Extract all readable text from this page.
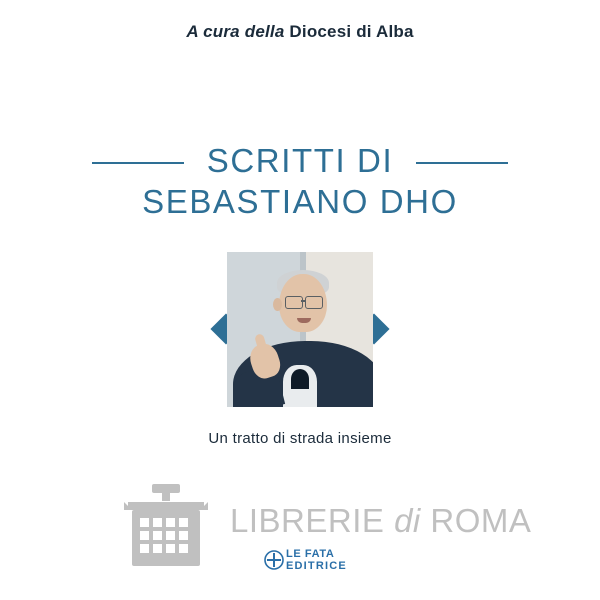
A cura della Diocesi di Alba
SCRITTI DI
SEBASTIANO DHO
Un tratto di strada insieme
LIBRERIE di ROMA
LE FATA
EDITRICE
